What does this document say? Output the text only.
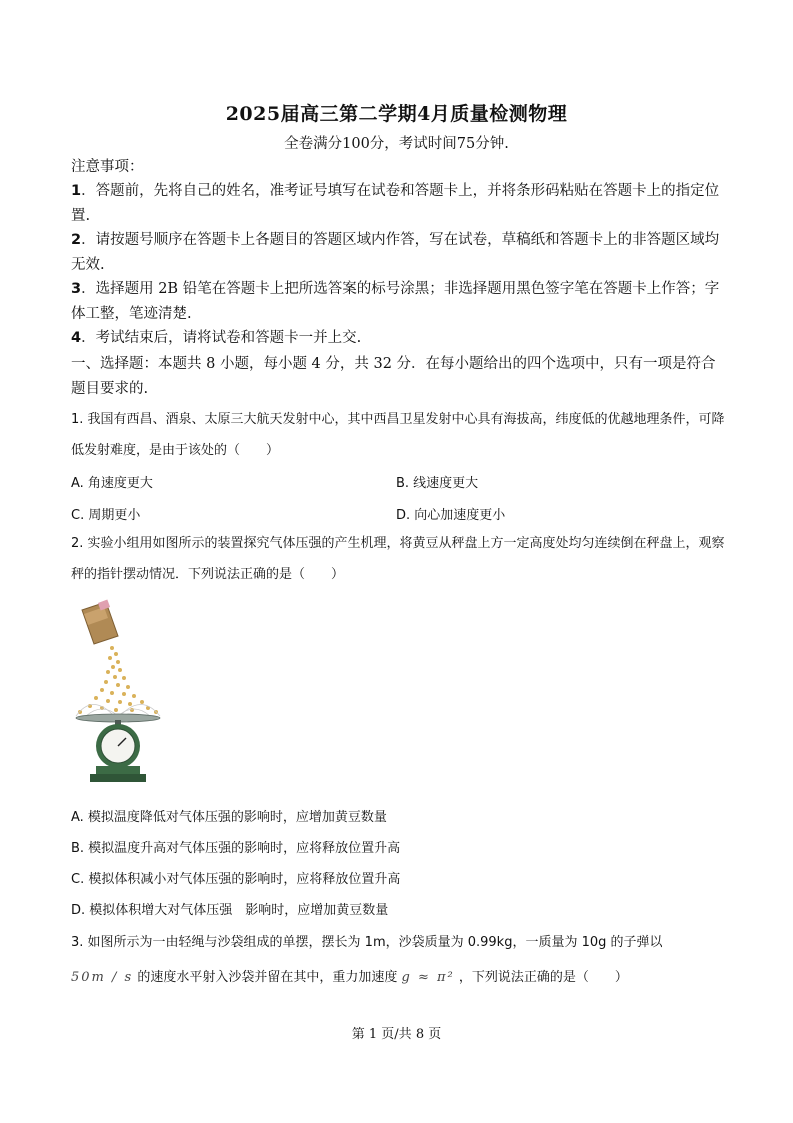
2025届高三第二学期4月质量检测物理
全卷满分100分，考试时间75分钟.
注意事项：

1．答题前，先将自己的姓名，准考证号填写在试卷和答题卡上，并将条形码粘贴在答题卡上的指定位置.

2．请按题号顺序在答题卡上各题目的答题区域内作答，写在试卷，草稿纸和答题卡上的非答题区域均无效.

3．选择题用 2B 铅笔在答题卡上把所选答案的标号涂黑；非选择题用黑色签字笔在答题卡上作答；字体工整，笔迹清楚.

4．考试结束后，请将试卷和答题卡一并上交.

一、选择题：本题共 8 小题，每小题 4 分，共 32 分．在每小题给出的四个选项中，只有一项是符合题目要求的.

1. 我国有西昌、酒泉、太原三大航天发射中心，其中西昌卫星发射中心具有海拔高，纬度低的优越地理条件，可降低发射难度，是由于该处的（　　）

A. 角速度更大	B. 线速度更大
C. 周期更小	D. 向心加速度更小

2. 实验小组用如图所示的装置探究气体压强的产生机理，将黄豆从秤盘上方一定高度处均匀连续倒在秤盘上，观察秤的指针摆动情况．下列说法正确的是（　　）

A. 模拟温度降低对气体压强的影响时，应增加黄豆数量
B. 模拟温度升高对气体压强的影响时，应将释放位置升高
C. 模拟体积减小对气体压强的影响时，应将释放位置升高
D. 模拟体积增大对气体压强　影响时，应增加黄豆数量
3. 如图所示为一由轻绳与沙袋组成的单摆，摆长为 1m，沙袋质量为 0.99kg，一质量为 10g 的子弹以
50m / s 的速度水平射入沙袋并留在其中，重力加速度 g ≈ π² ，下列说法正确的是（　　）
第 1 页/共 8 页
